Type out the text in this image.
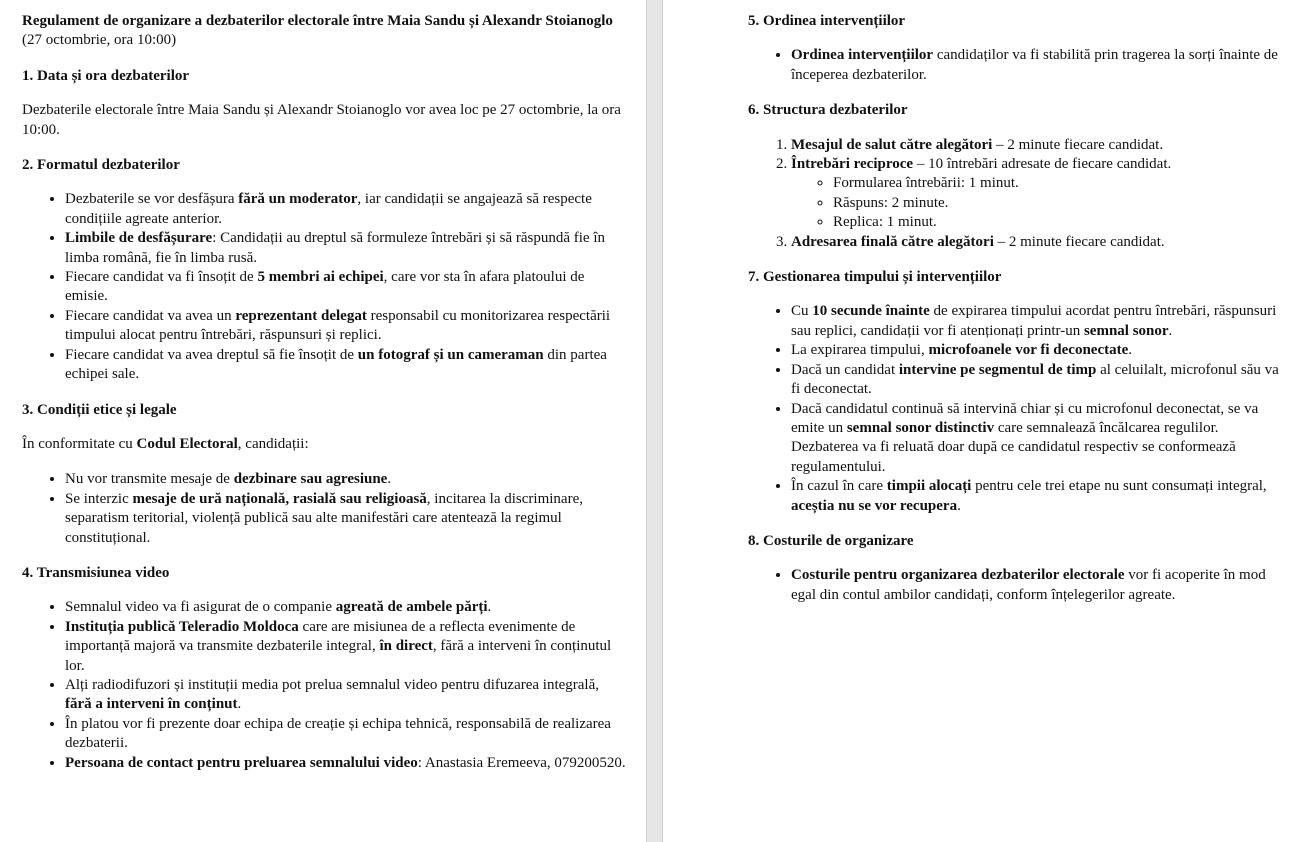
Regulament de organizare a dezbaterilor electorale între Maia Sandu și Alexandr Stoianoglo
(27 octombrie, ora 10:00)
1. Data și ora dezbaterilor

Dezbaterile electorale între Maia Sandu și Alexandr Stoianoglo vor avea loc pe 27 octombrie, la ora 10:00.

2. Formatul dezbaterilor
• Dezbaterile se vor desfășura fără un moderator, iar candidații se angajează să respecte condițiile agreate anterior.
• Limbile de desfășurare: Candidații au dreptul să formuleze întrebări și să răspundă fie în limba română, fie în limba rusă.
• Fiecare candidat va fi însoțit de 5 membri ai echipei, care vor sta în afara platoului de emisie.
• Fiecare candidat va avea un reprezentant delegat responsabil cu monitorizarea respectării timpului alocat pentru întrebări, răspunsuri și replici.
• Fiecare candidat va avea dreptul să fie însoțit de un fotograf și un cameraman din partea echipei sale.
3. Condiții etice și legale

În conformitate cu Codul Electoral, candidații:

• Nu vor transmite mesaje de dezbinare sau agresiune.
• Se interzic mesaje de ură națională, rasială sau religioasă, incitarea la discriminare, separatism teritorial, violență publică sau alte manifestări care atentează la regimul constituțional.
4. Transmisiunea video
• Semnalul video va fi asigurat de o companie agreată de ambele părți.
• Instituția publică Teleradio Moldoca care are misiunea de a reflecta evenimente de importanță majoră va transmite dezbaterile integral, în direct, fără a interveni în conținutul lor.
• Alți radiodifuzori și instituții media pot prelua semnalul video pentru difuzarea integrală, fără a interveni în conținut.
• În platou vor fi prezente doar echipa de creație și echipa tehnică, responsabilă de realizarea dezbaterii.
• Persoana de contact pentru preluarea semnalului video: Anastasia Eremeeva, 079200520.
5. Ordinea intervențiilor
• Ordinea intervențiilor candidaților va fi stabilită prin tragerea la sorți înainte de începerea dezbaterilor.
6. Structura dezbaterilor
1. Mesajul de salut către alegători – 2 minute fiecare candidat.
2. Întrebări reciproce – 10 întrebări adresate de fiecare candidat.
◦ Formularea întrebării: 1 minut.
◦ Răspuns: 2 minute.
◦ Replica: 1 minut.
3. Adresarea finală către alegători – 2 minute fiecare candidat.
7. Gestionarea timpului și intervențiilor
• Cu 10 secunde înainte de expirarea timpului acordat pentru întrebări, răspunsuri sau replici, candidații vor fi atenționați printr-un semnal sonor.
• La expirarea timpului, microfoanele vor fi deconectate.
• Dacă un candidat intervine pe segmentul de timp al celuilalt, microfonul său va fi deconectat.
• Dacă candidatul continuă să intervină chiar și cu microfonul deconectat, se va emite un semnal sonor distinctiv care semnalează încălcarea regulilor. Dezbaterea va fi reluată doar după ce candidatul respectiv se conformează regulamentului.
• În cazul în care timpii alocați pentru cele trei etape nu sunt consumați integral, aceștia nu se vor recupera.
8. Costurile de organizare
• Costurile pentru organizarea dezbaterilor electorale vor fi acoperite în mod egal din contul ambilor candidați, conform înțelegerilor agreate.
